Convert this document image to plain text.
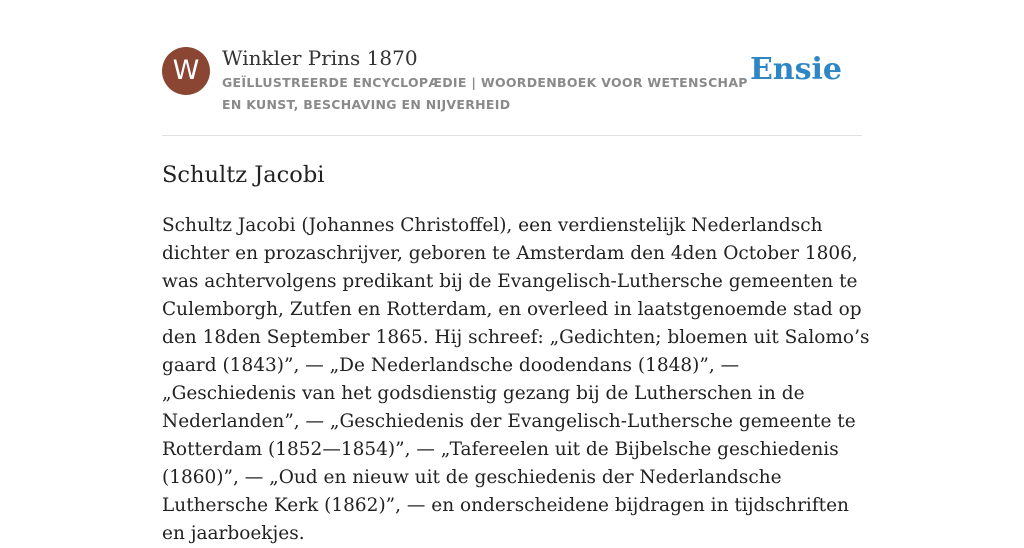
W	Winkler Prins 1870
GEÏLLUSTREERDE ENCYCLOPÆDIE | WOORDENBOEK VOOR WETENSCHAP EN KUNST, BESCHAVING EN NIJVERHEID
Ensie
Schultz Jacobi

Schultz Jacobi (Johannes Christoffel), een verdienstelijk Nederlandsch dichter en prozaschrijver, geboren te Amsterdam den 4den October 1806, was achtervolgens predikant bij de Evangelisch-Luthersche gemeenten te Culemborgh, Zutfen en Rotterdam, en overleed in laatstgenoemde stad op den 18den September 1865. Hij schreef: „Gedichten; bloemen uit Salomo’s gaard (1843)”, — „De Nederlandsche doodendans (1848)”, — „Geschiedenis van het godsdienstig gezang bij de Lutherschen in de Nederlanden”, — „Geschiedenis der Evangelisch-Luthersche gemeente te Rotterdam (1852—1854)”, — „Tafereelen uit de Bijbelsche geschiedenis (1860)”, — „Oud en nieuw uit de geschiedenis der Nederlandsche Luthersche Kerk (1862)”, — en onderscheidene bijdragen in tijdschriften en jaarboekjes.
